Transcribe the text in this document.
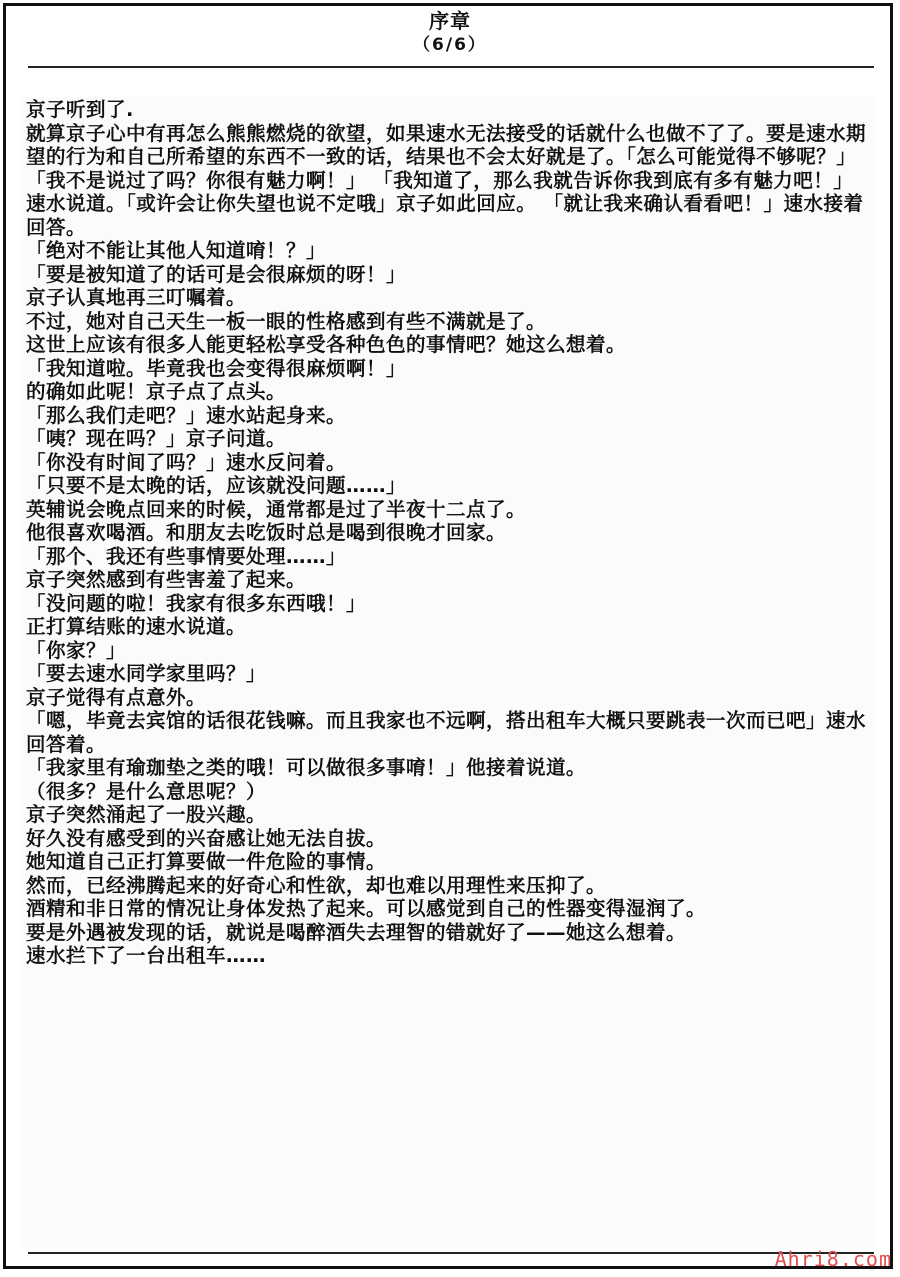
序章
（6/6）

京子听到了.

就算京子心中有再怎么熊熊燃烧的欲望，如果速水无法接受的话就什么也做不了了。要是速水期望的行为和自己所希望的东西不一致的话，结果也不会太好就是了。「怎么可能觉得不够呢？」 「我不是说过了吗？你很有魅力啊！」 「我知道了，那么我就告诉你我到底有多有魅力吧！」 速水说道。「或许会让你失望也说不定哦」京子如此回应。 「就让我来确认看看吧！」速水接着回答。

「绝对不能让其他人知道唷！？」

「要是被知道了的话可是会很麻烦的呀！」

京子认真地再三叮嘱着。

不过，她对自己天生一板一眼的性格感到有些不满就是了。

这世上应该有很多人能更轻松享受各种色色的事情吧？她这么想着。

「我知道啦。毕竟我也会变得很麻烦啊！」

的确如此呢！京子点了点头。

「那么我们走吧？」速水站起身来。

「咦？现在吗？」京子问道。

「你没有时间了吗？」速水反问着。

「只要不是太晚的话，应该就没问题……」

英辅说会晚点回来的时候，通常都是过了半夜十二点了。

他很喜欢喝酒。和朋友去吃饭时总是喝到很晚才回家。

「那个、我还有些事情要处理……」

京子突然感到有些害羞了起来。

「没问题的啦！我家有很多东西哦！」

正打算结账的速水说道。

「你家？」

「要去速水同学家里吗？」

京子觉得有点意外。

「嗯，毕竟去宾馆的话很花钱嘛。而且我家也不远啊，搭出租车大概只要跳表一次而已吧」速水回答着。

「我家里有瑜珈垫之类的哦！可以做很多事唷！」他接着说道。

（很多？是什么意思呢？）

京子突然涌起了一股兴趣。

好久没有感受到的兴奋感让她无法自拔。

她知道自己正打算要做一件危险的事情。

然而，已经沸腾起来的好奇心和性欲，却也难以用理性来压抑了。

酒精和非日常的情况让身体发热了起来。可以感觉到自己的性器变得湿润了。

要是外遇被发现的话，就说是喝醉酒失去理智的错就好了——她这么想着。

速水拦下了一台出租车……

Ahri8.com
